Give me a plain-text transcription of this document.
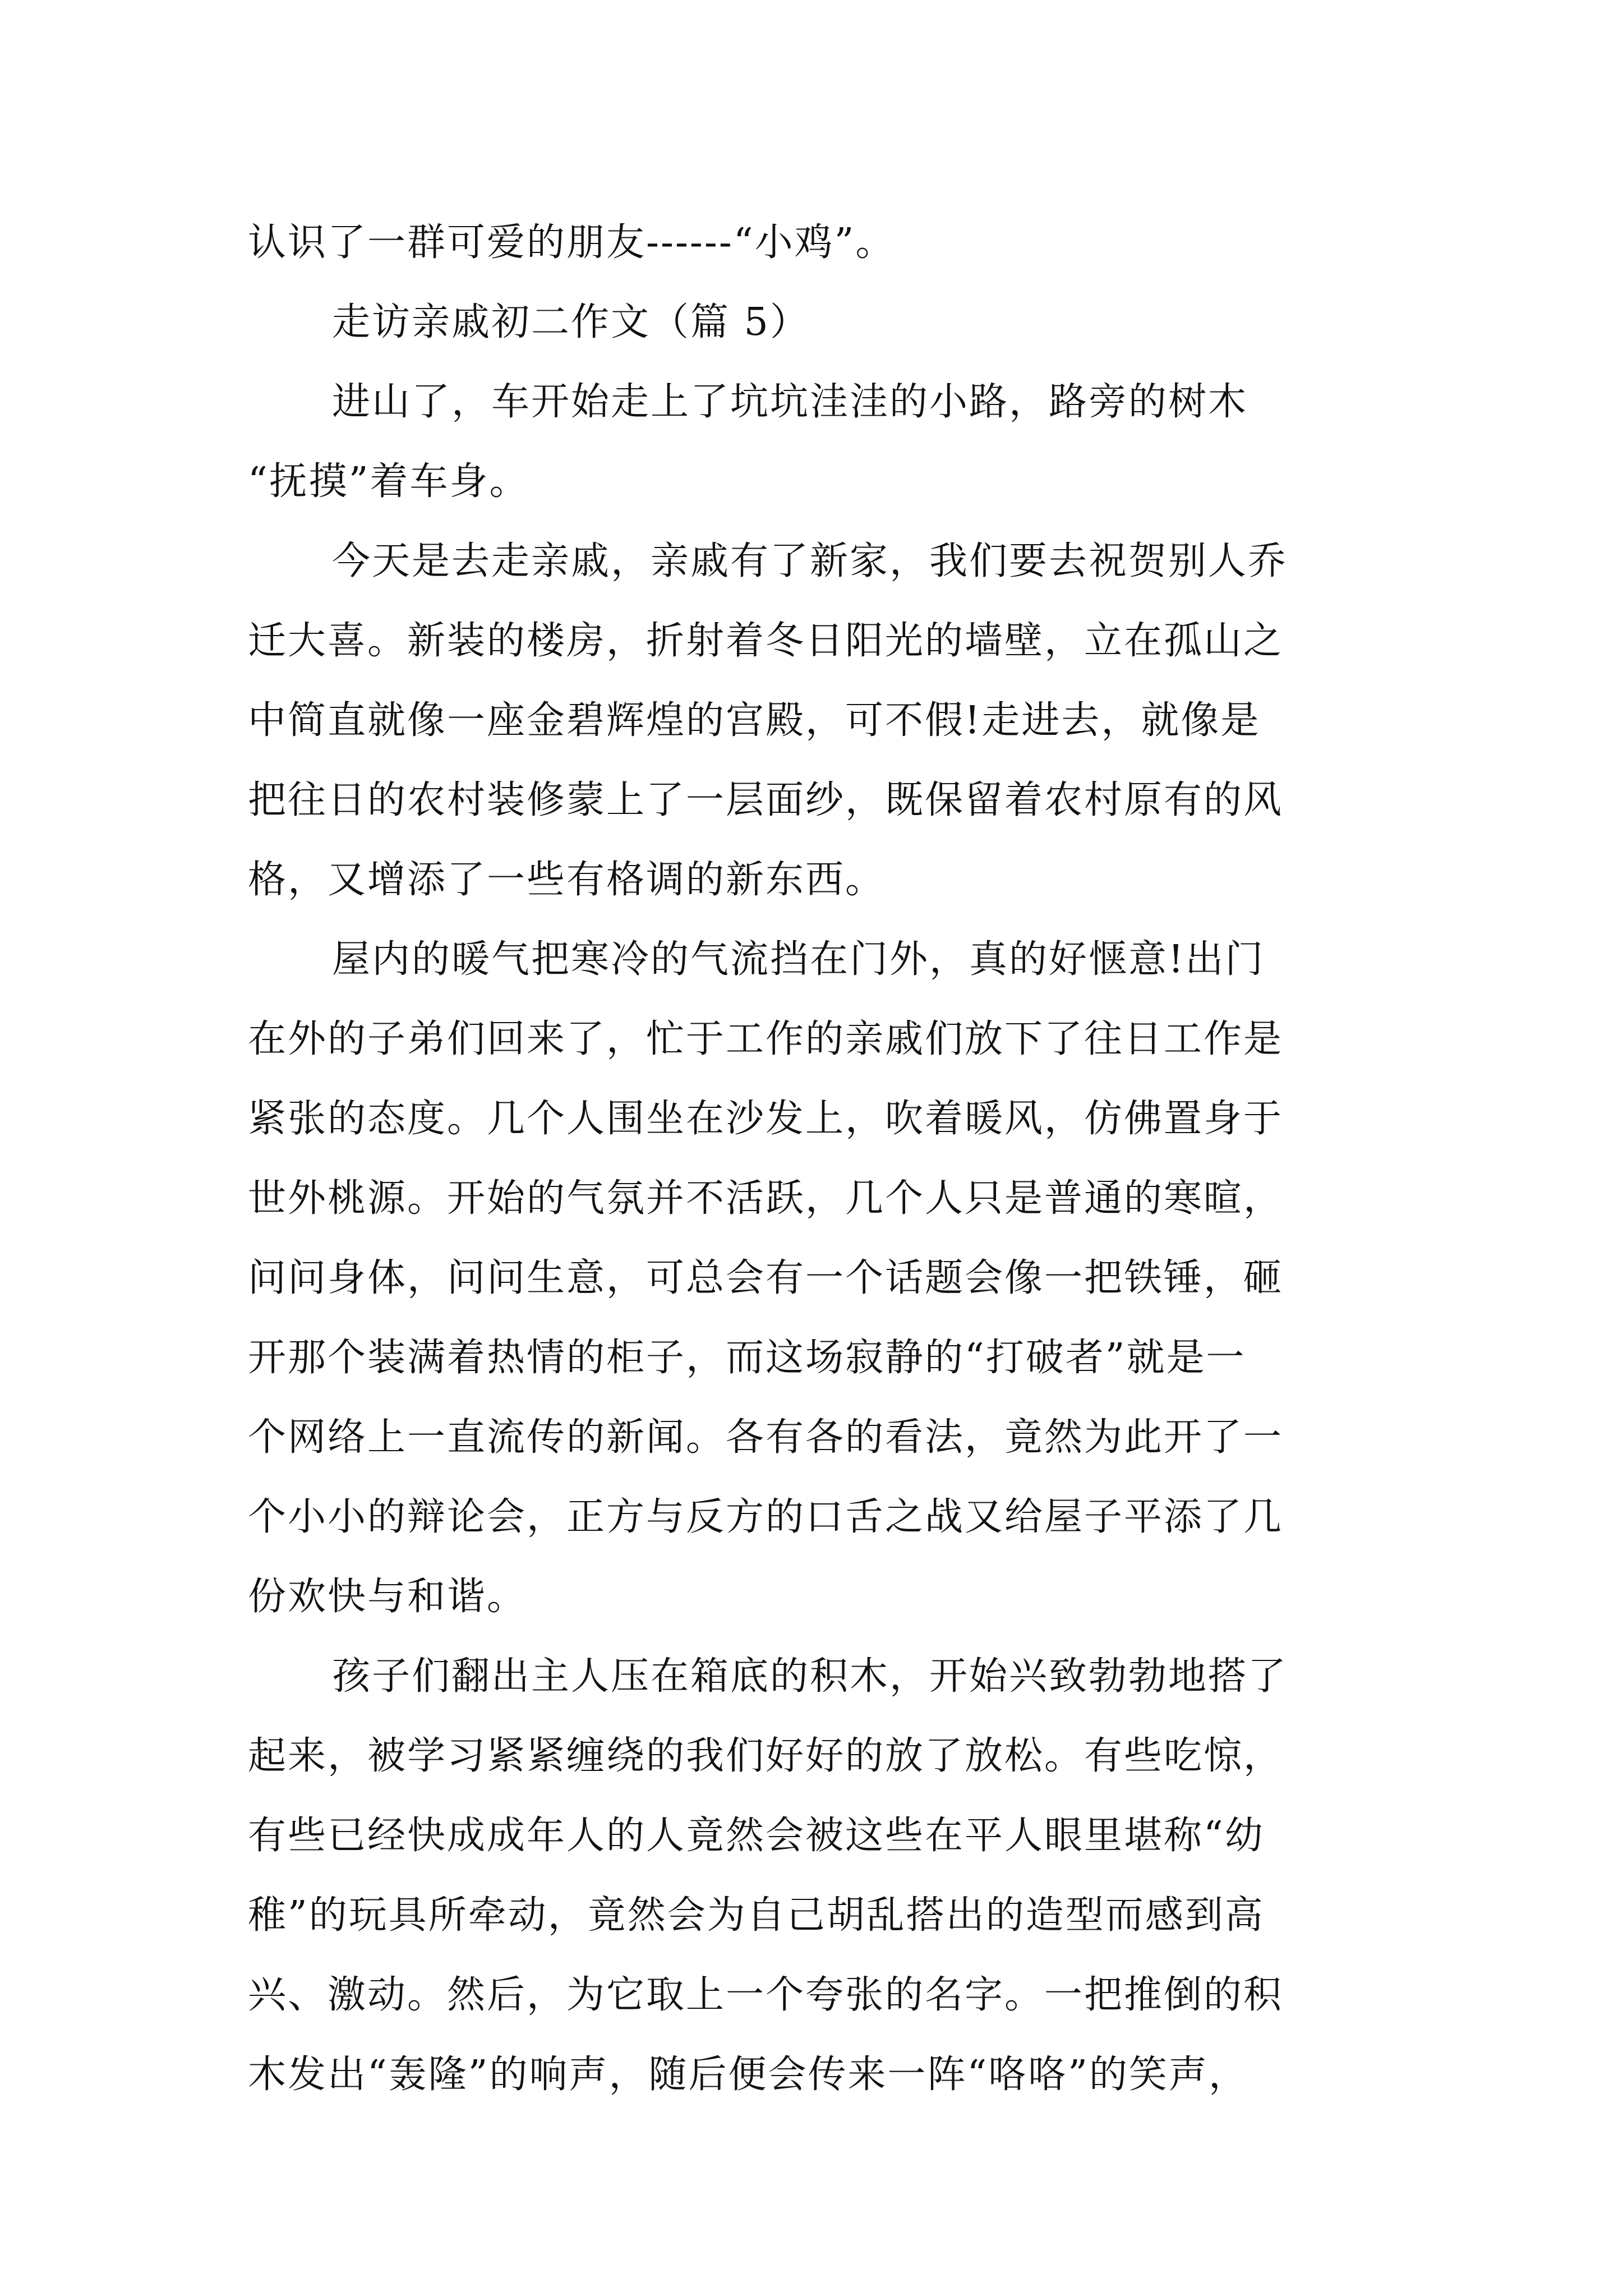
认识了一群可爱的朋友------“小鸡”。
走访亲戚初二作文（篇 5）
进山了，车开始走上了坑坑洼洼的小路，路旁的树木
“抚摸”着车身。
今天是去走亲戚，亲戚有了新家，我们要去祝贺别人乔
迁大喜。新装的楼房，折射着冬日阳光的墙壁，立在孤山之
中简直就像一座金碧辉煌的宫殿，可不假!走进去，就像是
把往日的农村装修蒙上了一层面纱，既保留着农村原有的风
格，又增添了一些有格调的新东西。
屋内的暖气把寒冷的气流挡在门外，真的好惬意!出门
在外的子弟们回来了，忙于工作的亲戚们放下了往日工作是
紧张的态度。几个人围坐在沙发上，吹着暖风，仿佛置身于
世外桃源。开始的气氛并不活跃，几个人只是普通的寒暄，
问问身体，问问生意，可总会有一个话题会像一把铁锤，砸
开那个装满着热情的柜子，而这场寂静的“打破者”就是一
个网络上一直流传的新闻。各有各的看法，竟然为此开了一
个小小的辩论会，正方与反方的口舌之战又给屋子平添了几
份欢快与和谐。
孩子们翻出主人压在箱底的积木，开始兴致勃勃地搭了
起来，被学习紧紧缠绕的我们好好的放了放松。有些吃惊，
有些已经快成成年人的人竟然会被这些在平人眼里堪称“幼
稚”的玩具所牵动，竟然会为自己胡乱搭出的造型而感到高
兴、激动。然后，为它取上一个夸张的名字。一把推倒的积
木发出“轰隆”的响声，随后便会传来一阵“咯咯”的笑声，
